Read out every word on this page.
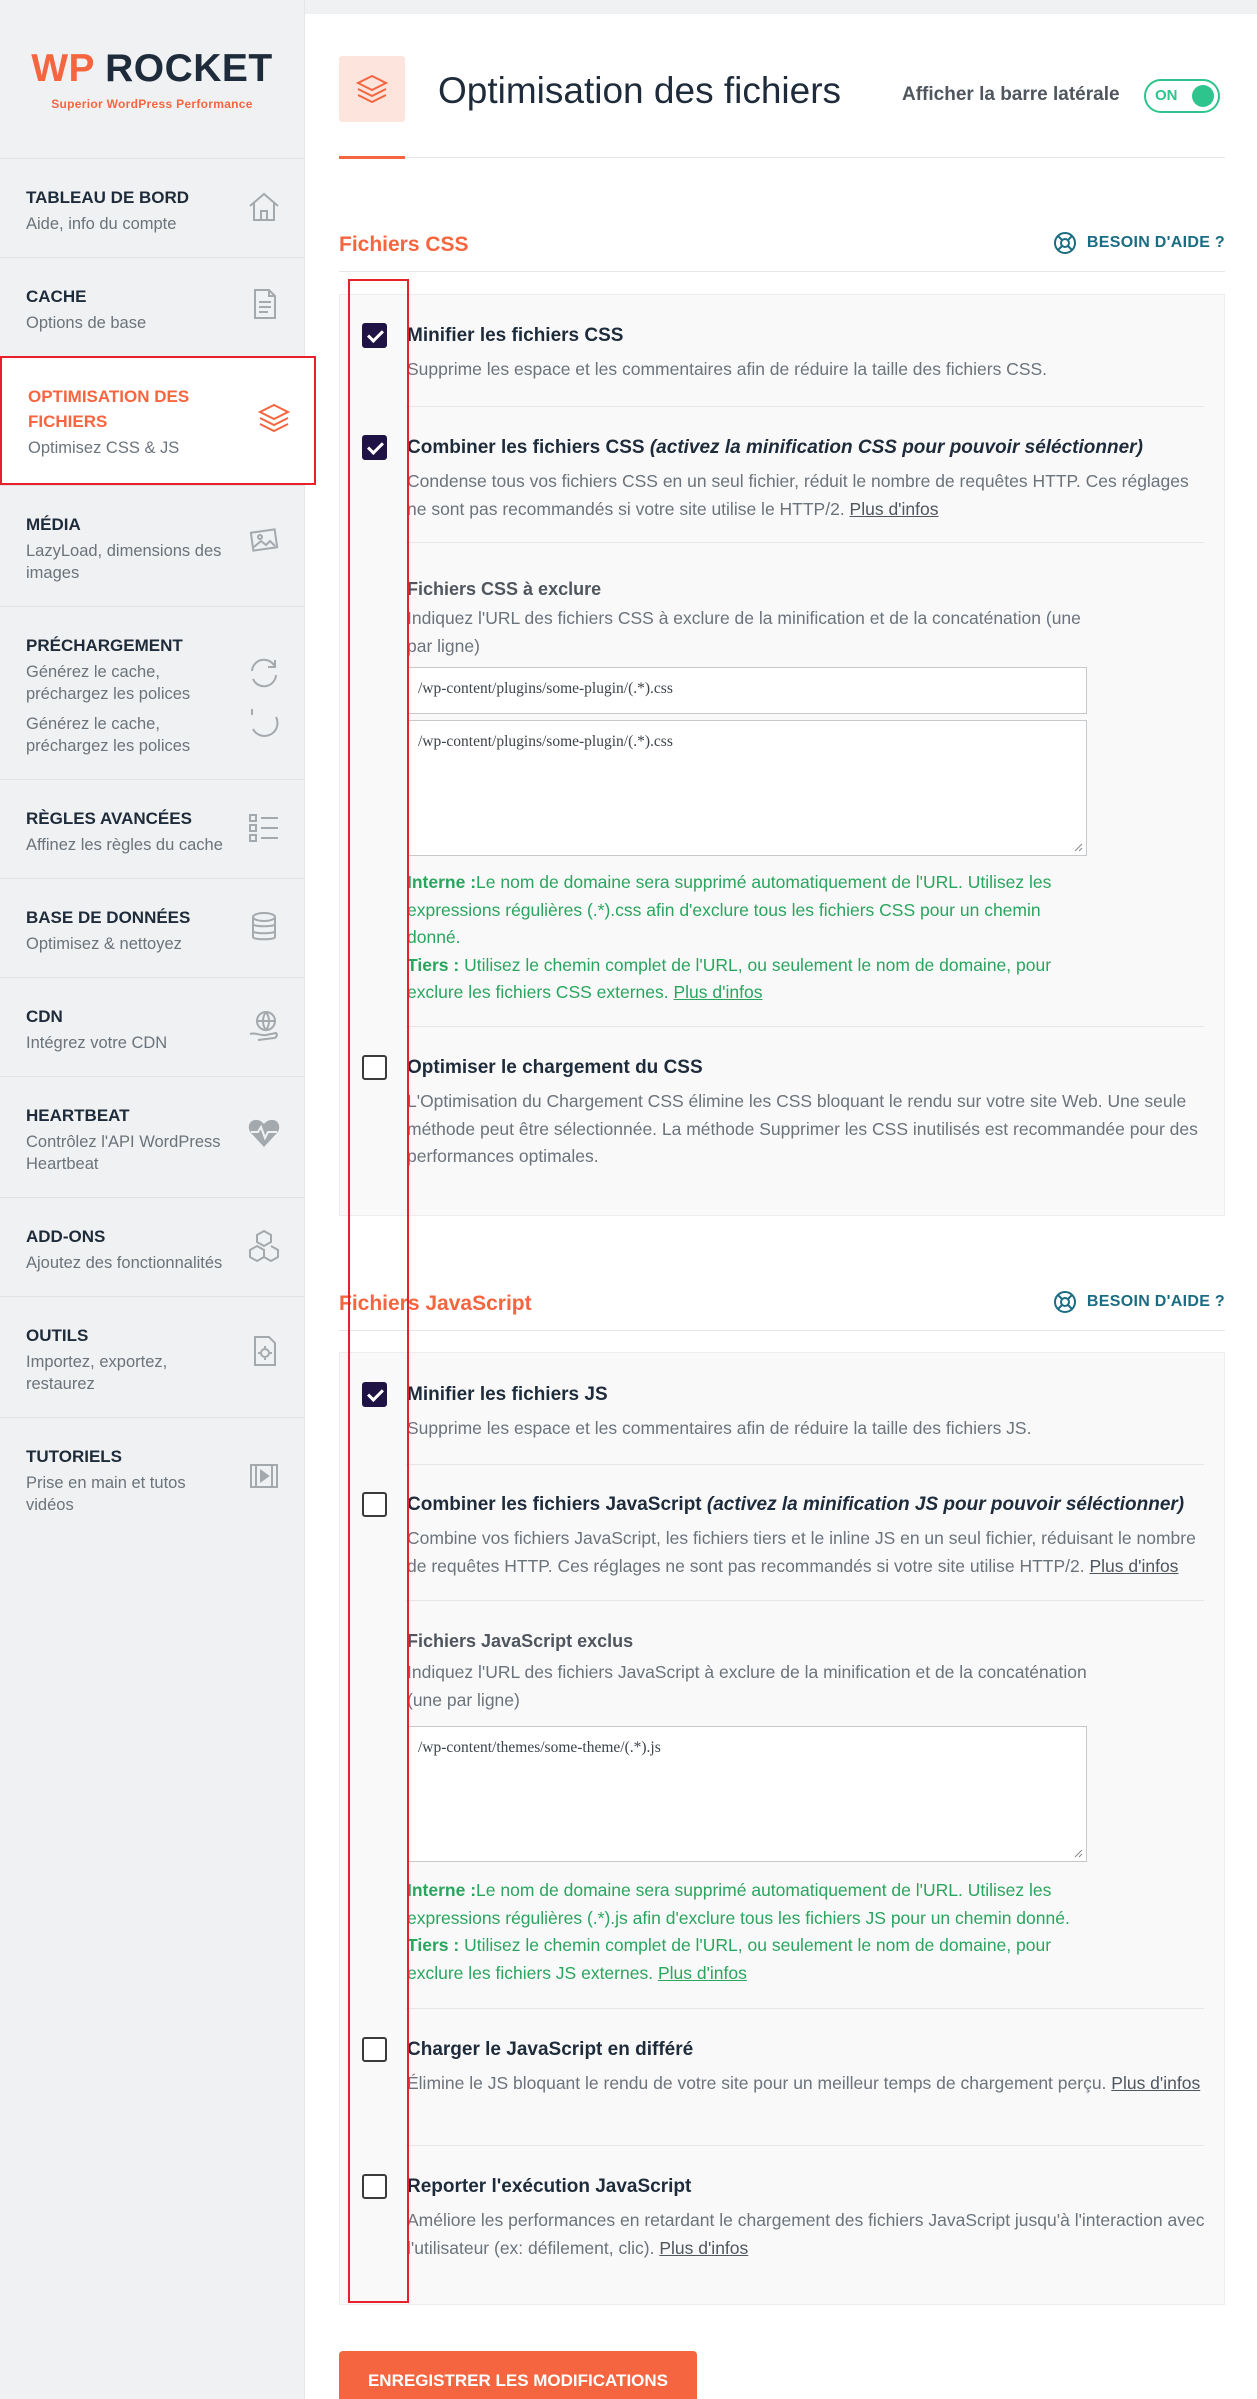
WP ROCKET
Superior WordPress Performance
TABLEAU DE BORD
Aide, info du compte
CACHE
Options de base
OPTIMISATION DES FICHIERS
Optimisez CSS & JS
MÉDIA
LazyLoad, dimensions des images
PRÉCHARGEMENT
Générez le cache, préchargez les polices
Générez le cache, préchargez les polices
RÈGLES AVANCÉES
Affinez les règles du cache
BASE DE DONNÉES
Optimisez & nettoyez
CDN
Intégrez votre CDN
HEARTBEAT
Contrôlez l'API WordPress Heartbeat
ADD-ONS
Ajoutez des fonctionnalités
OUTILS
Importez, exportez, restaurez
TUTORIELS
Prise en main et tutos vidéos
Optimisation des fichiers	Afficher la barre latérale ON
Fichiers CSS	BESOIN D'AIDE ?
Minifier les fichiers CSS
Supprime les espace et les commentaires afin de réduire la taille des fichiers CSS.
Combiner les fichiers CSS (activez la minification CSS pour pouvoir séléctionner)
Condense tous vos fichiers CSS en un seul fichier, réduit le nombre de requêtes HTTP. Ces réglages ne sont pas recommandés si votre site utilise le HTTP/2. Plus d'infos
Fichiers CSS à exclure
Indiquez l'URL des fichiers CSS à exclure de la minification et de la concaténation (une par ligne)
/wp-content/plugins/some-plugin/(.*).css
/wp-content/plugins/some-plugin/(.*).css
Interne :Le nom de domaine sera supprimé automatiquement de l'URL. Utilisez les expressions régulières (.*).css afin d'exclure tous les fichiers CSS pour un chemin donné.
Tiers : Utilisez le chemin complet de l'URL, ou seulement le nom de domaine, pour exclure les fichiers CSS externes. Plus d'infos
Optimiser le chargement du CSS
L'Optimisation du Chargement CSS élimine les CSS bloquant le rendu sur votre site Web. Une seule méthode peut être sélectionnée. La méthode Supprimer les CSS inutilisés est recommandée pour des performances optimales.
Fichiers JavaScript	BESOIN D'AIDE ?
Minifier les fichiers JS
Supprime les espace et les commentaires afin de réduire la taille des fichiers JS.
Combiner les fichiers JavaScript (activez la minification JS pour pouvoir séléctionner)
Combine vos fichiers JavaScript, les fichiers tiers et le inline JS en un seul fichier, réduisant le nombre de requêtes HTTP. Ces réglages ne sont pas recommandés si votre site utilise HTTP/2. Plus d'infos
Fichiers JavaScript exclus
Indiquez l'URL des fichiers JavaScript à exclure de la minification et de la concaténation (une par ligne)
/wp-content/themes/some-theme/(.*).js
Interne :Le nom de domaine sera supprimé automatiquement de l'URL. Utilisez les expressions régulières (.*).js afin d'exclure tous les fichiers JS pour un chemin donné.
Tiers : Utilisez le chemin complet de l'URL, ou seulement le nom de domaine, pour exclure les fichiers JS externes. Plus d'infos
Charger le JavaScript en différé
Élimine le JS bloquant le rendu de votre site pour un meilleur temps de chargement perçu. Plus d'infos
Reporter l'exécution JavaScript
Améliore les performances en retardant le chargement des fichiers JavaScript jusqu'à l'interaction avec l'utilisateur (ex: défilement, clic). Plus d'infos
ENREGISTRER LES MODIFICATIONS
